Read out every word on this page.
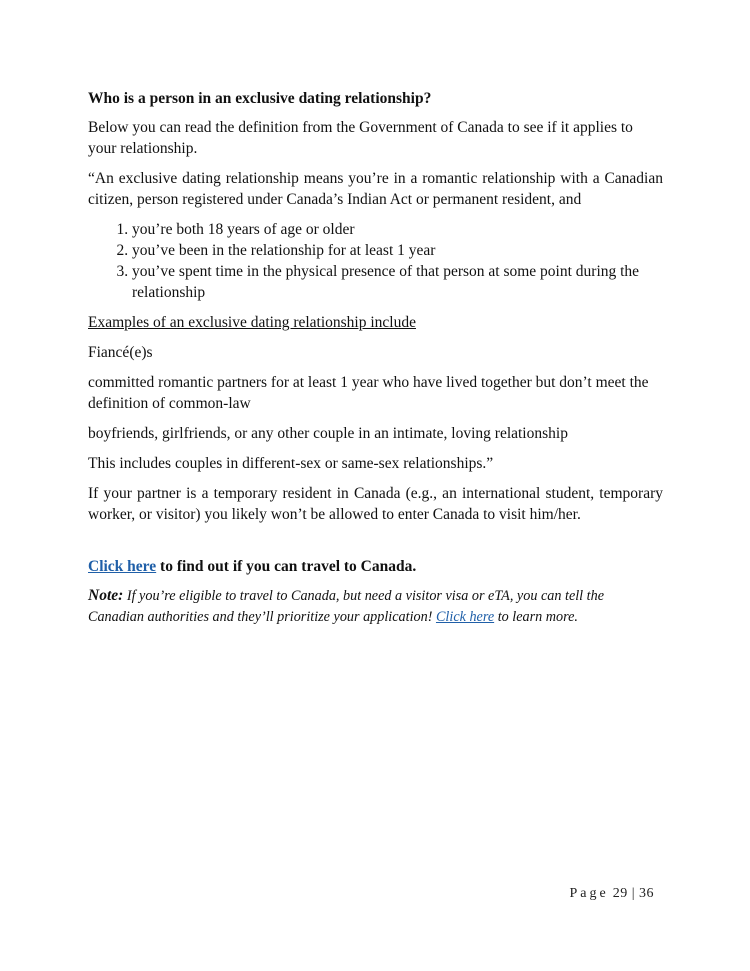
Who is a person in an exclusive dating relationship?

Below you can read the definition from the Government of Canada to see if it applies to your relationship.

“An exclusive dating relationship means you’re in a romantic relationship with a Canadian citizen, person registered under Canada’s Indian Act or permanent resident, and

1. you’re both 18 years of age or older
2. you’ve been in the relationship for at least 1 year
3. you’ve spent time in the physical presence of that person at some point during the relationship

Examples of an exclusive dating relationship include

Fiancé(e)s

committed romantic partners for at least 1 year who have lived together but don’t meet the definition of common-law

boyfriends, girlfriends, or any other couple in an intimate, loving relationship

This includes couples in different-sex or same-sex relationships.”

If your partner is a temporary resident in Canada (e.g., an international student, temporary worker, or visitor) you likely won’t be allowed to enter Canada to visit him/her.

Click here to find out if you can travel to Canada.

Note: If you’re eligible to travel to Canada, but need a visitor visa or eTA, you can tell the Canadian authorities and they’ll prioritize your application! Click here to learn more.

Page 29 | 36
